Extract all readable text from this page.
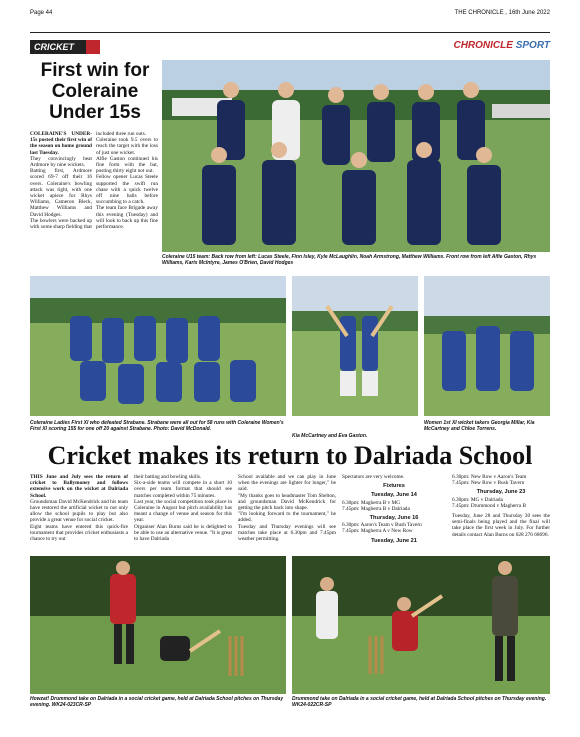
Page 44	THE CHRONICLE , 16th June 2022
CRICKET	CHRONICLE SPORT
First win for Coleraine Under 15s

COLERAINE'S UNDER-15s posted their first win of the season on home ground last Tuesday.

They convincingly beat Ardmore by nine wickets.

Batting first, Ardmore scored 69-7 off their 16 overs. Coleraine's bowling attack was tight, with one wicket apiece for Rhys Williams, Cameron Bleck, Matthew Williams and David Hodges.

The bowlers were backed up with some sharp fielding that

included three run outs.

Coleraine took 9.5 overs to reach the target with the loss of just one wicket.

Alfie Gaston continued his fine form with the bat, posting thirty eight not out.

Fellow opener Lucas Steele supported the swift run chase with a quick twelve off nine balls before succumbing to a catch.

The team face Brigade away this evening (Tuesday) and will look to back up this fine performance.

Coleraine U15 team: Back row from left: Lucas Steele, Finn Isley, Kyle McLaughlin, Noah Armstrong, Matthew Williams. Front row from left Alfie Gaston, Rhys Williams, Karis McIntyre, James O'Brien, David Hodges
Coleraine Ladies First XI who defeated Strabane. Strabane were all out for 58 runs with Coleraine Women's First XI scoring 155 for one off 20 against Strabane. Photo: David McDonald.
Kia McCartney and Eva Gaston.
Women 1st XI wicket takers Georgia Millar, Kia McCartney and Chloe Torrens.
Cricket makes its return to Dalriada School

THIS June and July sees the return of cricket to Ballymoney and follows extensive work on the wicket at Dalriada School.

Groundsman David McKendrick and his team have restored the artificial wicket to not only allow the school pupils to play but also provide a great venue for social cricket.

Eight teams have entered this quick-fire tournament that provides cricket enthusiasts a chance to try out

their batting and bowling skills.

Six-a-side teams will compete in a short 10 overs per team format that should see matches completed within 75 minutes.

Last year, the social competition took place in Coleraine in August but pitch availability has meant a change of venue and season for this year.

Organiser Alan Burns said he is delighted to be able to use an alternative venue. "It is great to have Dalriada

School available and we can play in June when the evenings are lighter for longer," he said.

"My thanks goes to headmaster Tom Shelton, and groundsman David McKendrick for getting the pitch back into shape.

"I'm looking forward to the tournament," he added.

Tuesday and Thursday evenings will see matches take place at 6.30pm and 7.45pm weather permitting.

Spectators are very welcome.

Fixtures
Tuesday, June 14
6.30pm: Magherra B v MG
7.45pm: Magherra B v Dalriada
Thursday, June 16
6.30pm: Aaron's Team v Bush Tavern
7.45pm: Magherra A v New Row
Tuesday, June 21
6.30pm: New Row v Aaron's Team
7.45pm: New Row v Bush Tavern
Thursday, June 23
6.30pm: MG v Dalriada
7.45pm: Drummond v Magherra B

Tuesday, June 28 and Thursday 30 sees the semi-finals being played and the final will take place the first week in July. For further details contact Alan Burns on 028 276 68696.

Howzat! Drummond take on Dalriada in a social cricket game, held at Dalriada School pitches on Thursday evening. WK24-023CR-SP
Drummond take on Dalriada in a social cricket game, held at Dalriada School pitches on Thursday evening. WK24-022CR-SP
